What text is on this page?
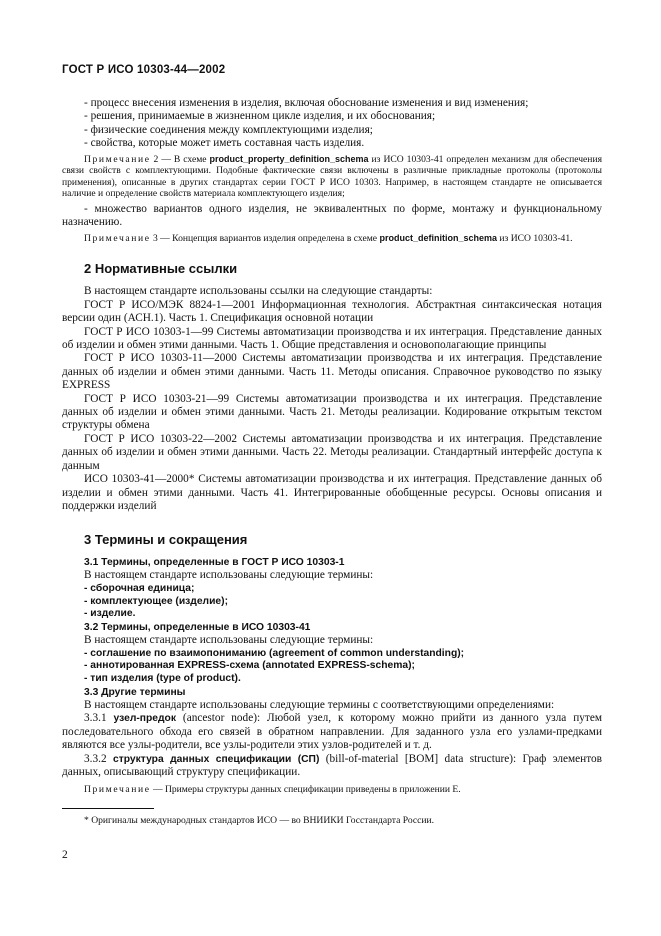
ГОСТ Р ИСО 10303-44—2002

- процесс внесения изменения в изделия, включая обоснование изменения и вид изменения;

- решения, принимаемые в жизненном цикле изделия, и их обоснования;

- физические соединения между комплектующими изделия;

- свойства, которые может иметь составная часть изделия.

Примечание 2 — В схеме product_property_definition_schema из ИСО 10303-41 определен механизм для обеспечения связи свойств с комплектующими. Подобные фактические связи включены в различные прикладные протоколы (протоколы применения), описанные в других стандартах серии ГОСТ Р ИСО 10303. Например, в настоящем стандарте не описывается наличие и определение свойств материала комплектующего изделия;

- множество вариантов одного изделия, не эквивалентных по форме, монтажу и функциональному назначению.

Примечание 3 — Концепция вариантов изделия определена в схеме product_definition_schema из ИСО 10303-41.

2 Нормативные ссылки

В настоящем стандарте использованы ссылки на следующие стандарты:

ГОСТ Р ИСО/МЭК 8824-1—2001 Информационная технология. Абстрактная синтаксическая нотация версии один (АСН.1). Часть 1. Спецификация основной нотации

ГОСТ Р ИСО 10303-1—99 Системы автоматизации производства и их интеграция. Представление данных об изделии и обмен этими данными. Часть 1. Общие представления и основополагающие принципы

ГОСТ Р ИСО 10303-11—2000 Системы автоматизации производства и их интеграция. Представление данных об изделии и обмен этими данными. Часть 11. Методы описания. Справочное руководство по языку EXPRESS

ГОСТ Р ИСО 10303-21—99 Системы автоматизации производства и их интеграция. Представление данных об изделии и обмен этими данными. Часть 21. Методы реализации. Кодирование открытым текстом структуры обмена

ГОСТ Р ИСО 10303-22—2002 Системы автоматизации производства и их интеграция. Представление данных об изделии и обмен этими данными. Часть 22. Методы реализации. Стандартный интерфейс доступа к данным

ИСО 10303-41—2000* Системы автоматизации производства и их интеграция. Представление данных об изделии и обмен этими данными. Часть 41. Интегрированные обобщенные ресурсы. Основы описания и поддержки изделий

3 Термины и сокращения
3.1 Термины, определенные в ГОСТ Р ИСО 10303-1

В настоящем стандарте использованы следующие термины:

- сборочная единица;
- комплектующее (изделие);
- изделие.
3.2 Термины, определенные в ИСО 10303-41

В настоящем стандарте использованы следующие термины:

- соглашение по взаимопониманию (agreement of common understanding);
- аннотированная EXPRESS-схема (annotated EXPRESS-schema);
- тип изделия (type of product).
3.3 Другие термины

В настоящем стандарте использованы следующие термины с соответствующими определениями:

3.3.1 узел-предок (ancestor node): Любой узел, к которому можно прийти из данного узла путем последовательного обхода его связей в обратном направлении. Для заданного узла его узлами-предками являются все узлы-родители, все узлы-родители этих узлов-родителей и т. д.

3.3.2 структура данных спецификации (СП) (bill-of-material [BOM] data structure): Граф элементов данных, описывающий структуру спецификации.

Примечание — Примеры структуры данных спецификации приведены в приложении Е.

* Оригиналы международных стандартов ИСО — во ВНИИКИ Госстандарта России.

2
